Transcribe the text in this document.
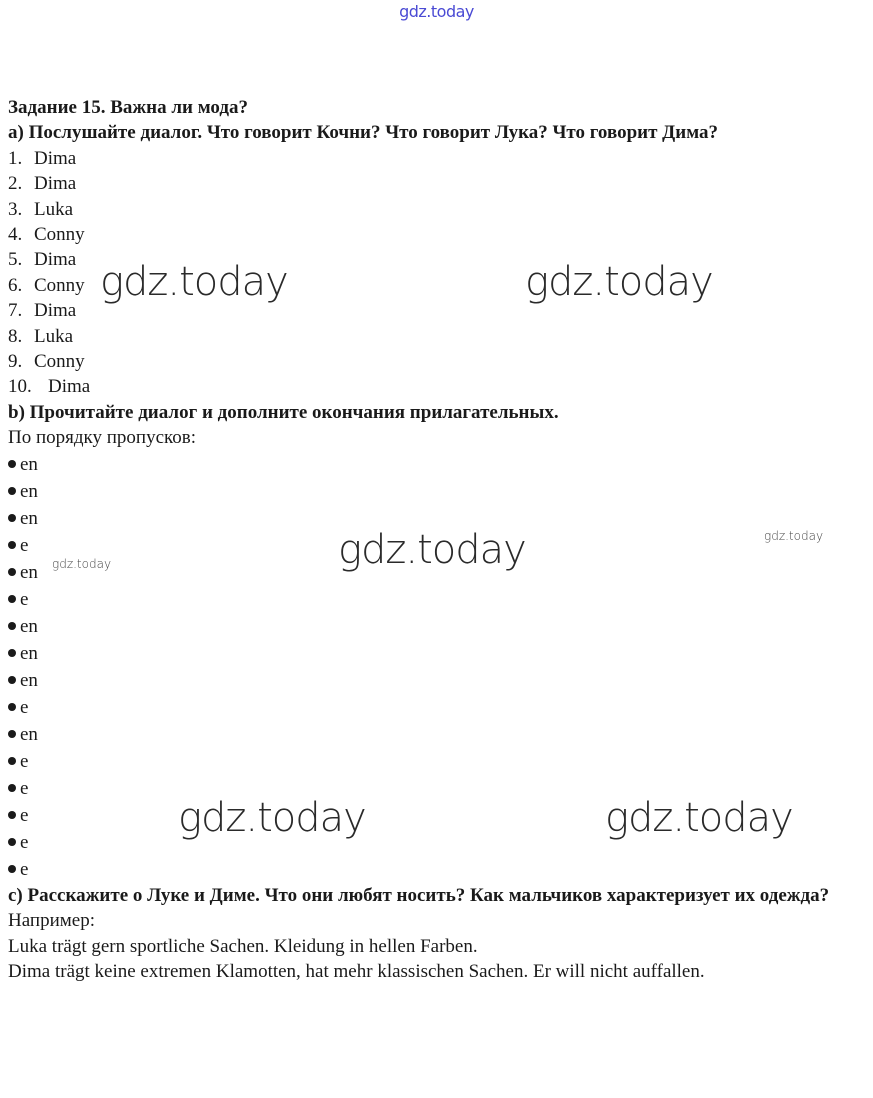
gdz.today
Задание 15. Важна ли мода?
a) Послушайте диалог. Что говорит Кочни? Что говорит Лука? Что говорит Дима?
1. Dima
2. Dima
3. Luka
4. Conny
5. Dima
6. Conny
7. Dima
8. Luka
9. Conny
10. Dima
b) Прочитайте диалог и дополните окончания прилагательных.
По порядку пропусков:
en
en
en
e
en
e
en
en
en
e
en
e
e
e
e
e
c) Расскажите о Луке и Диме. Что они любят носить? Как мальчиков характеризует их одежда?
Например:
Luka trägt gern sportliche Sachen. Kleidung in hellen Farben.
Dima trägt keine extremen Klamotten, hat mehr klassischen Sachen. Er will nicht auffallen.
gdz.today	gdz.today
gdz.today
gdz.today
gdz.today
gdz.today	gdz.today
